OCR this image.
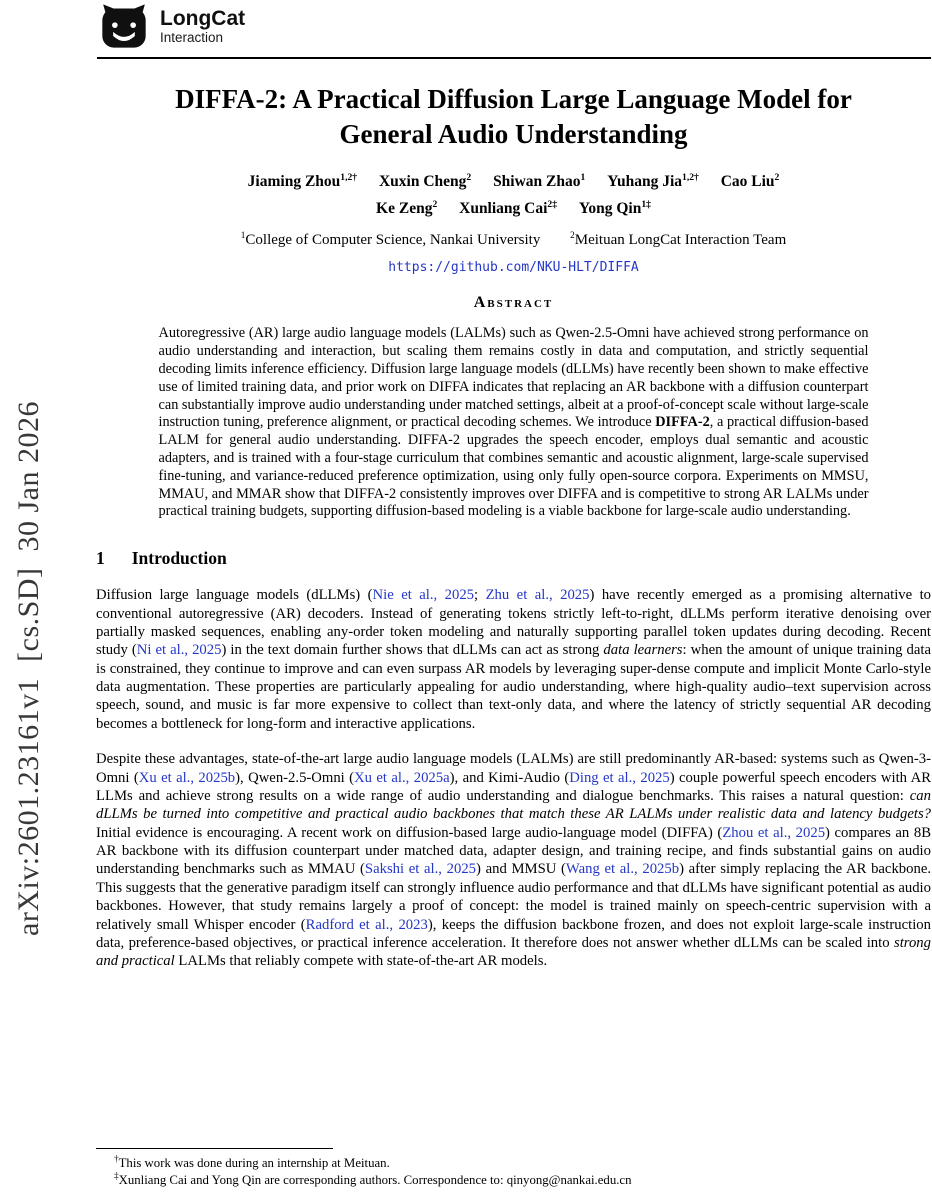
LongCat
Interaction
arXiv:2601.23161v1  [cs.SD]  30 Jan 2026
DIFFA-2: A Practical Diffusion Large Language Model for
General Audio Understanding
Jiaming Zhou$^{1,2\dagger}$ Xuxin Cheng$^2$ Shiwan Zhao$^1$ Yuhang Jia$^{1,2\dagger}$ Cao Liu$^2$
Ke Zeng$^2$ Xunliang Cai$^{2\ddagger}$ Yong Qin$^{1\ddagger}$
$^1$College of Computer Science, Nankai University	$^2$Meituan LongCat Interaction Team
https://github.com/NKU-HLT/DIFFA
Abstract

Autoregressive (AR) large audio language models (LALMs) such as Qwen-2.5-Omni have achieved strong performance on audio understanding and interaction, but scaling them remains costly in data and computation, and strictly sequential decoding limits inference efficiency. Diffusion large language models (dLLMs) have recently been shown to make effective use of limited training data, and prior work on DIFFA indicates that replacing an AR backbone with a diffusion counterpart can substantially improve audio understanding under matched settings, albeit at a proof-of-concept scale without large-scale instruction tuning, preference alignment, or practical decoding schemes. We introduce DIFFA-2, a practical diffusion-based LALM for general audio understanding. DIFFA-2 upgrades the speech encoder, employs dual semantic and acoustic adapters, and is trained with a four-stage curriculum that combines semantic and acoustic alignment, large-scale supervised fine-tuning, and variance-reduced preference optimization, using only fully open-source corpora. Experiments on MMSU, MMAU, and MMAR show that DIFFA-2 consistently improves over DIFFA and is competitive to strong AR LALMs under practical training budgets, supporting diffusion-based modeling is a viable backbone for large-scale audio understanding.

1 Introduction

Diffusion large language models (dLLMs) (Nie et al., 2025; Zhu et al., 2025) have recently emerged as a promising alternative to conventional autoregressive (AR) decoders. Instead of generating tokens strictly left-to-right, dLLMs perform iterative denoising over partially masked sequences, enabling any-order token modeling and naturally supporting parallel token updates during decoding. Recent study (Ni et al., 2025) in the text domain further shows that dLLMs can act as strong data learners: when the amount of unique training data is constrained, they continue to improve and can even surpass AR models by leveraging super-dense compute and implicit Monte Carlo-style data augmentation. These properties are particularly appealing for audio understanding, where high-quality audio–text supervision across speech, sound, and music is far more expensive to collect than text-only data, and where the latency of strictly sequential AR decoding becomes a bottleneck for long-form and interactive applications.

Despite these advantages, state-of-the-art large audio language models (LALMs) are still predominantly AR-based: systems such as Qwen-3-Omni (Xu et al., 2025b), Qwen-2.5-Omni (Xu et al., 2025a), and Kimi-Audio (Ding et al., 2025) couple powerful speech encoders with AR LLMs and achieve strong results on a wide range of audio understanding and dialogue benchmarks. This raises a natural question: can dLLMs be turned into competitive and practical audio backbones that match these AR LALMs under realistic data and latency budgets? Initial evidence is encouraging. A recent work on diffusion-based large audio-language model (DIFFA) (Zhou et al., 2025) compares an 8B AR backbone with its diffusion counterpart under matched data, adapter design, and training recipe, and finds substantial gains on audio understanding benchmarks such as MMAU (Sakshi et al., 2025) and MMSU (Wang et al., 2025b) after simply replacing the AR backbone. This suggests that the generative paradigm itself can strongly influence audio performance and that dLLMs have significant potential as audio backbones. However, that study remains largely a proof of concept: the model is trained mainly on speech-centric supervision with a relatively small Whisper encoder (Radford et al., 2023), keeps the diffusion backbone frozen, and does not exploit large-scale instruction data, preference-based objectives, or practical inference acceleration. It therefore does not answer whether dLLMs can be scaled into strong and practical LALMs that reliably compete with state-of-the-art AR models.

†This work was done during an internship at Meituan.
‡Xunliang Cai and Yong Qin are corresponding authors. Correspondence to: qinyong@nankai.edu.cn
